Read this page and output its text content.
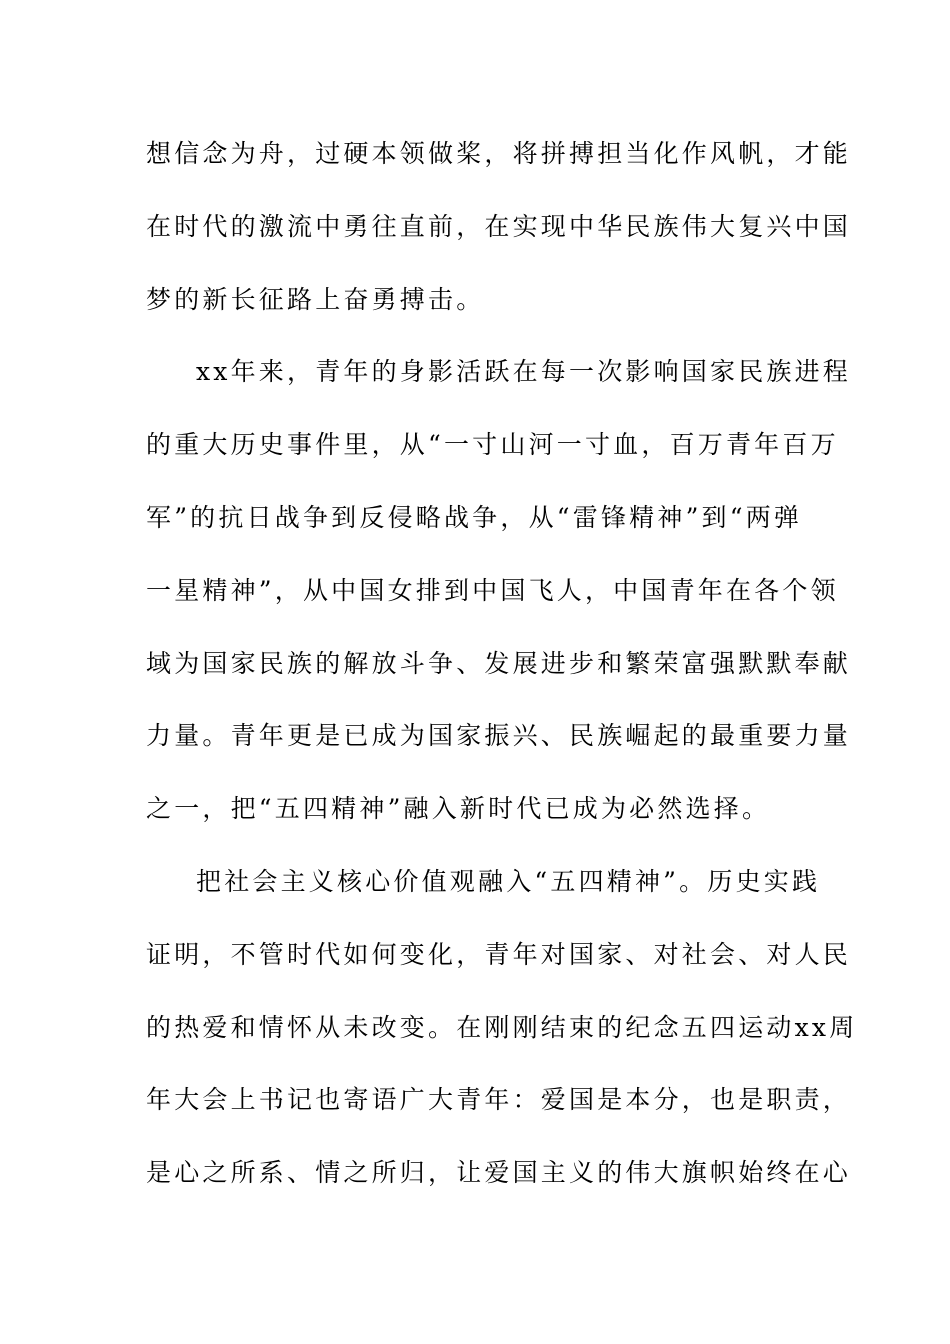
想信念为舟，过硬本领做桨，将拼搏担当化作风帆，才能
在时代的激流中勇往直前，在实现中华民族伟大复兴中国
梦的新长征路上奋勇搏击。
xx年来，青年的身影活跃在每一次影响国家民族进程
的重大历史事件里，从“一寸山河一寸血，百万青年百万
军”的抗日战争到反侵略战争，从“雷锋精神”到“两弹
一星精神”，从中国女排到中国飞人，中国青年在各个领
域为国家民族的解放斗争、发展进步和繁荣富强默默奉献
力量。青年更是已成为国家振兴、民族崛起的最重要力量
之一，把“五四精神”融入新时代已成为必然选择。
把社会主义核心价值观融入“五四精神”。历史实践
证明，不管时代如何变化，青年对国家、对社会、对人民
的热爱和情怀从未改变。在刚刚结束的纪念五四运动xx周
年大会上书记也寄语广大青年：爱国是本分，也是职责，
是心之所系、情之所归，让爱国主义的伟大旗帜始终在心
